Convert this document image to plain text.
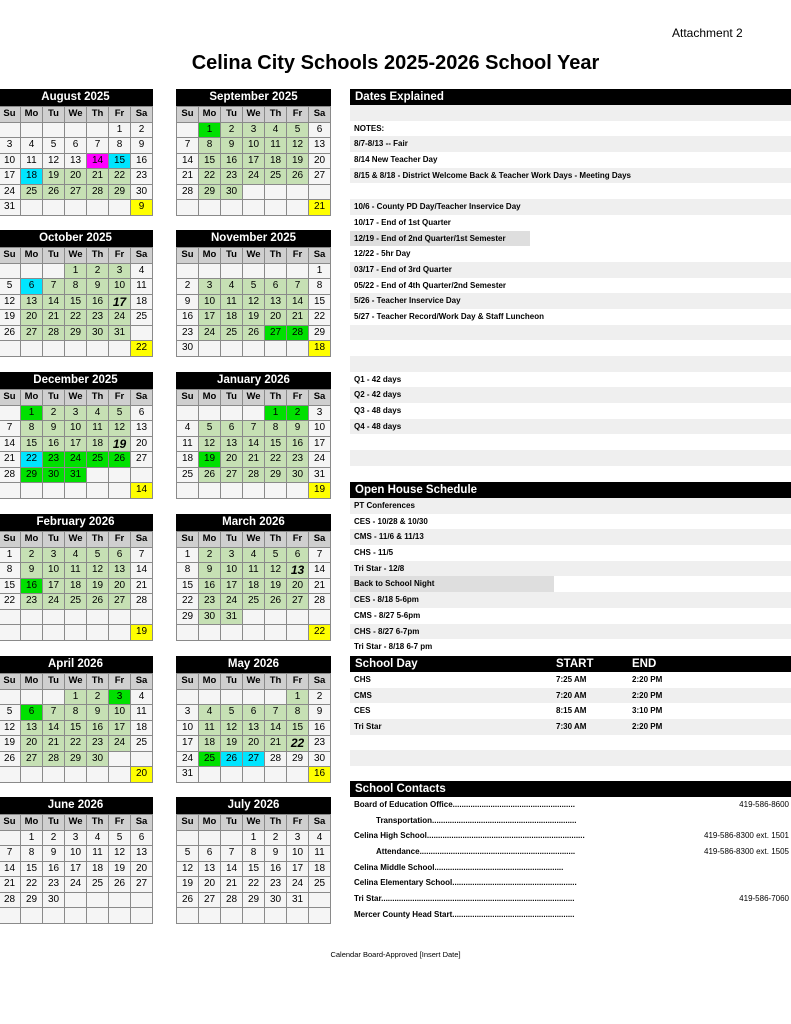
Attachment 2
Celina City Schools 2025-2026 School Year
August 2025
Su	Mo	Tu	We	Th	Fr	Sa
					1	2
3	4	5	6	7	8	9
10	11	12	13	14	15	16
17	18	19	20	21	22	23
24	25	26	27	28	29	30
31						9
September 2025
Su	Mo	Tu	We	Th	Fr	Sa
	1	2	3	4	5	6
7	8	9	10	11	12	13
14	15	16	17	18	19	20
21	22	23	24	25	26	27
28	29	30				
						21
October 2025
Su	Mo	Tu	We	Th	Fr	Sa
			1	2	3	4
5	6	7	8	9	10	11
12	13	14	15	16	17	18
19	20	21	22	23	24	25
26	27	28	29	30	31	
						22
November 2025
Su	Mo	Tu	We	Th	Fr	Sa
						1
2	3	4	5	6	7	8
9	10	11	12	13	14	15
16	17	18	19	20	21	22
23	24	25	26	27	28	29
30						18
December 2025
Su	Mo	Tu	We	Th	Fr	Sa
	1	2	3	4	5	6
7	8	9	10	11	12	13
14	15	16	17	18	19	20
21	22	23	24	25	26	27
28	29	30	31			
						14
January 2026
Su	Mo	Tu	We	Th	Fr	Sa
				1	2	3
4	5	6	7	8	9	10
11	12	13	14	15	16	17
18	19	20	21	22	23	24
25	26	27	28	29	30	31
						19
February 2026
Su	Mo	Tu	We	Th	Fr	Sa
1	2	3	4	5	6	7
8	9	10	11	12	13	14
15	16	17	18	19	20	21
22	23	24	25	26	27	28

						19
March 2026
Su	Mo	Tu	We	Th	Fr	Sa
1	2	3	4	5	6	7
8	9	10	11	12	13	14
15	16	17	18	19	20	21
22	23	24	25	26	27	28
29	30	31				
						22
April 2026
Su	Mo	Tu	We	Th	Fr	Sa
			1	2	3	4
5	6	7	8	9	10	11
12	13	14	15	16	17	18
19	20	21	22	23	24	25
26	27	28	29	30		
						20
May 2026
Su	Mo	Tu	We	Th	Fr	Sa
					1	2
3	4	5	6	7	8	9
10	11	12	13	14	15	16
17	18	19	20	21	22	23
24	25	26	27	28	29	30
31						16
June 2026
Su	Mo	Tu	We	Th	Fr	Sa
	1	2	3	4	5	6
7	8	9	10	11	12	13
14	15	16	17	18	19	20
21	22	23	24	25	26	27
28	29	30				

July 2026
Su	Mo	Tu	We	Th	Fr	Sa
			1	2	3	4
5	6	7	8	9	10	11
12	13	14	15	16	17	18
19	20	21	22	23	24	25
26	27	28	29	30	31	

Dates Explained
NOTES:
8/7-8/13 -- Fair
8/14 New Teacher Day
8/15 & 8/18 - District Welcome Back & Teacher Work Days - Meeting Days
10/6 - County PD Day/Teacher Inservice Day
10/17 - End of 1st Quarter
12/19 - End of 2nd Quarter/1st Semester
12/22 - 5hr Day
03/17 - End of 3rd Quarter
05/22 - End of 4th Quarter/2nd Semester
5/26 - Teacher Inservice Day
5/27 - Teacher Record/Work Day & Staff Luncheon
Q1 - 42 days
Q2 - 42 days
Q3 - 48 days
Q4 - 48 days
Open House Schedule
PT Conferences
CES - 10/28 & 10/30
CMS - 11/6 & 11/13
CHS - 11/5
Tri Star - 12/8
Back to School Night
CES - 8/18 5-6pm
CMS - 8/27 5-6pm
CHS - 8/27 6-7pm
Tri Star - 8/18 6-7 pm
School Day	START	END
CHS	7:25 AM	2:20 PM
CMS	7:20 AM	2:20 PM
CES	8:15 AM	3:10 PM
Tri Star	7:30 AM	2:20 PM
School Contacts
Board of Education Office.......................................................	419-586-8600
Transportation.................................................................
Celina High School.......................................................................	419-586-8300 ext. 1501
Attendance......................................................................	419-586-8300 ext. 1505
Celina Middle School..........................................................
Celina Elementary School........................................................
Tri Star.......................................................................................	419-586-7060
Mercer County Head Start.......................................................
Calendar Board-Approved [Insert Date]
